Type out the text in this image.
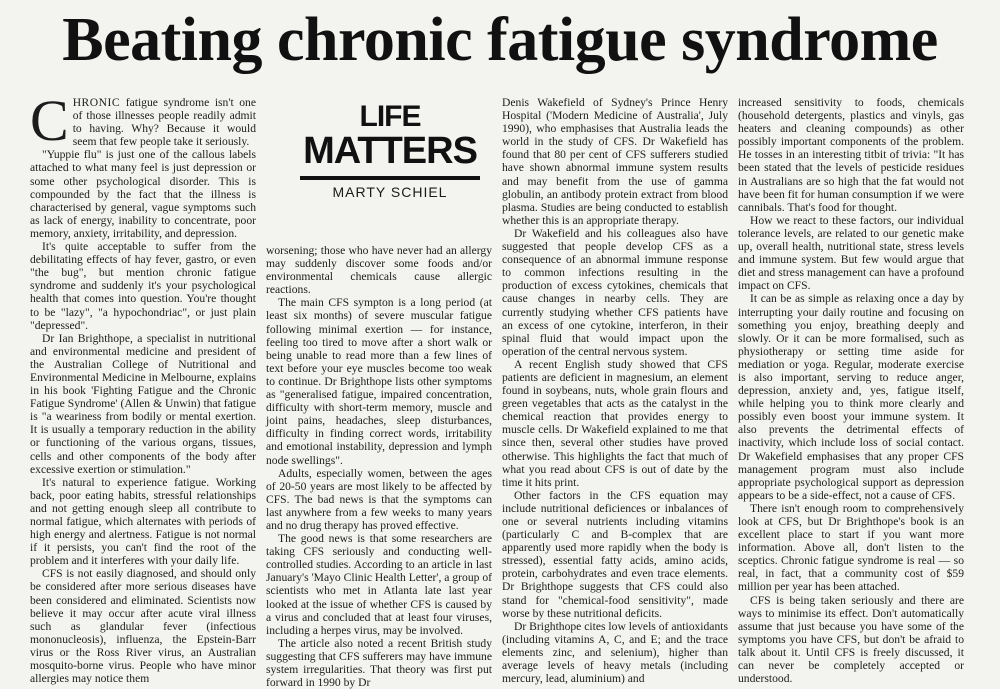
Beating chronic fatigue syndrome
LIFE
MATTERS
MARTY SCHIEL

CHRONIC fatigue syndrome isn't one of those illnesses people readily admit to having. Why? Because it would seem that few people take it seriously.

"Yuppie flu" is just one of the callous labels attached to what many feel is just depression or some other psychological disorder. This is compounded by the fact that the illness is characterised by general, vague symptoms such as lack of energy, inability to concentrate, poor memory, anxiety, irritability, and depression.

It's quite acceptable to suffer from the debilitating effects of hay fever, gastro, or even "the bug", but mention chronic fatigue syndrome and suddenly it's your psychological health that comes into question. You're thought to be "lazy", "a hypochondriac", or just plain "depressed".

Dr Ian Brighthope, a specialist in nutritional and environmental medicine and president of the Australian College of Nutritional and Environmental Medicine in Melbourne, explains in his book 'Fighting Fatigue and the Chronic Fatigue Syndrome' (Allen & Unwin) that fatigue is "a weariness from bodily or mental exertion. It is usually a temporary reduction in the ability or functioning of the various organs, tissues, cells and other components of the body after excessive exertion or stimulation."

It's natural to experience fatigue. Working back, poor eating habits, stressful relationships and not getting enough sleep all contribute to normal fatigue, which alternates with periods of high energy and alertness. Fatigue is not normal if it persists, you can't find the root of the problem and it interferes with your daily life.

CFS is not easily diagnosed, and should only be considered after more serious diseases have been considered and eliminated. Scientists now believe it may occur after acute viral illness such as glandular fever (infectious mononucleosis), influenza, the Epstein-Barr virus or the Ross River virus, an Australian mosquito-borne virus. People who have minor allergies may notice them

worsening; those who have never had an allergy may suddenly discover some foods and/or environmental chemicals cause allergic reactions.

The main CFS sympton is a long period (at least six months) of severe muscular fatigue following minimal exertion — for instance, feeling too tired to move after a short walk or being unable to read more than a few lines of text before your eye muscles become too weak to continue. Dr Brighthope lists other symptoms as "generalised fatigue, impaired concentration, difficulty with short-term memory, muscle and joint pains, headaches, sleep disturbances, difficulty in finding correct words, irritability and emotional instability, depression and lymph node swellings".

Adults, especially women, between the ages of 20-50 years are most likely to be affected by CFS. The bad news is that the symptoms can last anywhere from a few weeks to many years and no drug therapy has proved effective.

The good news is that some researchers are taking CFS seriously and conducting well-controlled studies. According to an article in last January's 'Mayo Clinic Health Letter', a group of scientists who met in Atlanta late last year looked at the issue of whether CFS is caused by a virus and concluded that at least four viruses, including a herpes virus, may be involved.

The article also noted a recent British study suggesting that CFS sufferers may have immune system irregularities. That theory was first put forward in 1990 by Dr

Denis Wakefield of Sydney's Prince Henry Hospital ('Modern Medicine of Australia', July 1990), who emphasises that Australia leads the world in the study of CFS. Dr Wakefield has found that 80 per cent of CFS sufferers studied have shown abnormal immune system results and may benefit from the use of gamma globulin, an antibody protein extract from blood plasma. Studies are being conducted to establish whether this is an appropriate therapy.

Dr Wakefield and his colleagues also have suggested that people develop CFS as a consequence of an abnormal immune response to common infections resulting in the production of excess cytokines, chemicals that cause changes in nearby cells. They are currently studying whether CFS patients have an excess of one cytokine, interferon, in their spinal fluid that would impact upon the operation of the central nervous system.

A recent English study showed that CFS patients are deficient in magnesium, an element found in soybeans, nuts, whole grain flours and green vegetables that acts as the catalyst in the chemical reaction that provides energy to muscle cells. Dr Wakefield explained to me that since then, several other studies have proved otherwise. This highlights the fact that much of what you read about CFS is out of date by the time it hits print.

Other factors in the CFS equation may include nutritional deficiences or inbalances of one or several nutrients including vitamins (particularly C and B-complex that are apparently used more rapidly when the body is stressed), essential fatty acids, amino acids, protein, carbohydrates and even trace elements. Dr Brighthope suggests that CFS could also stand for "chemical-food sensitivity", made worse by these nutritional deficits.

Dr Brighthope cites low levels of antioxidants (including vitamins A, C, and E; and the trace elements zinc, and selenium), higher than average levels of heavy metals (including mercury, lead, aluminium) and

increased sensitivity to foods, chemicals (household detergents, plastics and vinyls, gas heaters and cleaning compounds) as other possibly important components of the problem. He tosses in an interesting titbit of trivia: "It has been stated that the levels of pesticide residues in Australians are so high that the fat would not have been fit for human consumption if we were cannibals. That's food for thought.

How we react to these factors, our individual tolerance levels, are related to our genetic make up, overall health, nutritional state, stress levels and immune system. But few would argue that diet and stress management can have a profound impact on CFS.

It can be as simple as relaxing once a day by interrupting your daily routine and focusing on something you enjoy, breathing deeply and slowly. Or it can be more formalised, such as physiotherapy or setting time aside for mediation or yoga. Regular, moderate exercise is also important, serving to reduce anger, depression, anxiety and, yes, fatigue itself, while helping you to think more clearly and possibly even boost your immune system. It also prevents the detrimental effects of inactivity, which include loss of social contact. Dr Wakefield emphasises that any proper CFS management program must also include appropriate psychological support as depression appears to be a side-effect, not a cause of CFS.

There isn't enough room to comprehensively look at CFS, but Dr Brighthope's book is an excellent place to start if you want more information. Above all, don't listen to the sceptics. Chronic fatigue syndrome is real — so real, in fact, that a community cost of $59 million per year has been attached.

CFS is being taken seriously and there are ways to minimise its effect. Don't automatically assume that just because you have some of the symptoms you have CFS, but don't be afraid to talk about it. Until CFS is freely discussed, it can never be completely accepted or understood.
